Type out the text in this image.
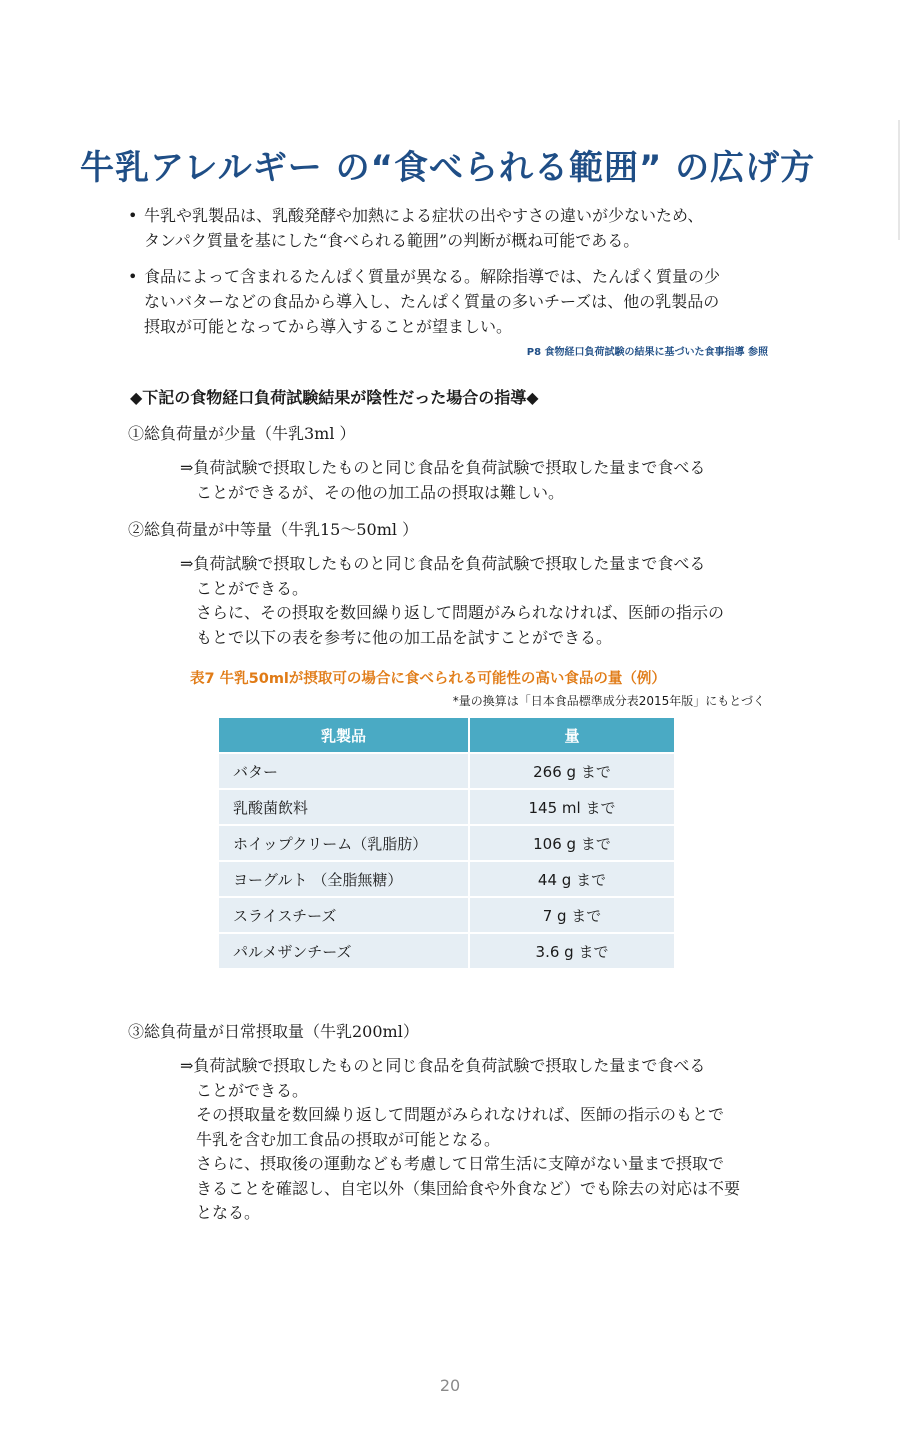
牛乳アレルギー の“食べられる範囲” の広げ方
• 牛乳や乳製品は、乳酸発酵や加熱による症状の出やすさの違いが少ないため、
タンパク質量を基にした“食べられる範囲”の判断が概ね可能である。
• 食品によって含まれるたんぱく質量が異なる。解除指導では、たんぱく質量の少
ないバターなどの食品から導入し、たんぱく質量の多いチーズは、他の乳製品の
摂取が可能となってから導入することが望ましい。
P8 食物経口負荷試験の結果に基づいた食事指導 参照
◆下記の食物経口負荷試験結果が陰性だった場合の指導◆
①総負荷量が少量（牛乳3ml ）

⇒負荷試験で摂取したものと同じ食品を負荷試験で摂取した量まで食べる

ことができるが、その他の加工品の摂取は難しい。

②総負荷量が中等量（牛乳15～50ml ）

⇒負荷試験で摂取したものと同じ食品を負荷試験で摂取した量まで食べる

ことができる。

さらに、その摂取を数回繰り返して問題がみられなければ、医師の指示の

もとで以下の表を参考に他の加工品を試すことができる。

表7 牛乳50mlが摂取可の場合に食べられる可能性の高い食品の量（例）
*量の換算は「日本食品標準成分表2015年版」にもとづく
乳製品	量
バター	266 g まで
乳酸菌飲料	145 ml まで
ホイップクリーム（乳脂肪）	106 g まで
ヨーグルト （全脂無糖）	44 g まで
スライスチーズ	7 g まで
パルメザンチーズ	3.6 g まで
③総負荷量が日常摂取量（牛乳200ml）

⇒負荷試験で摂取したものと同じ食品を負荷試験で摂取した量まで食べる

ことができる。

その摂取量を数回繰り返して問題がみられなければ、医師の指示のもとで

牛乳を含む加工食品の摂取が可能となる。

さらに、摂取後の運動なども考慮して日常生活に支障がない量まで摂取で

きることを確認し、自宅以外（集団給食や外食など）でも除去の対応は不要

となる。

20
